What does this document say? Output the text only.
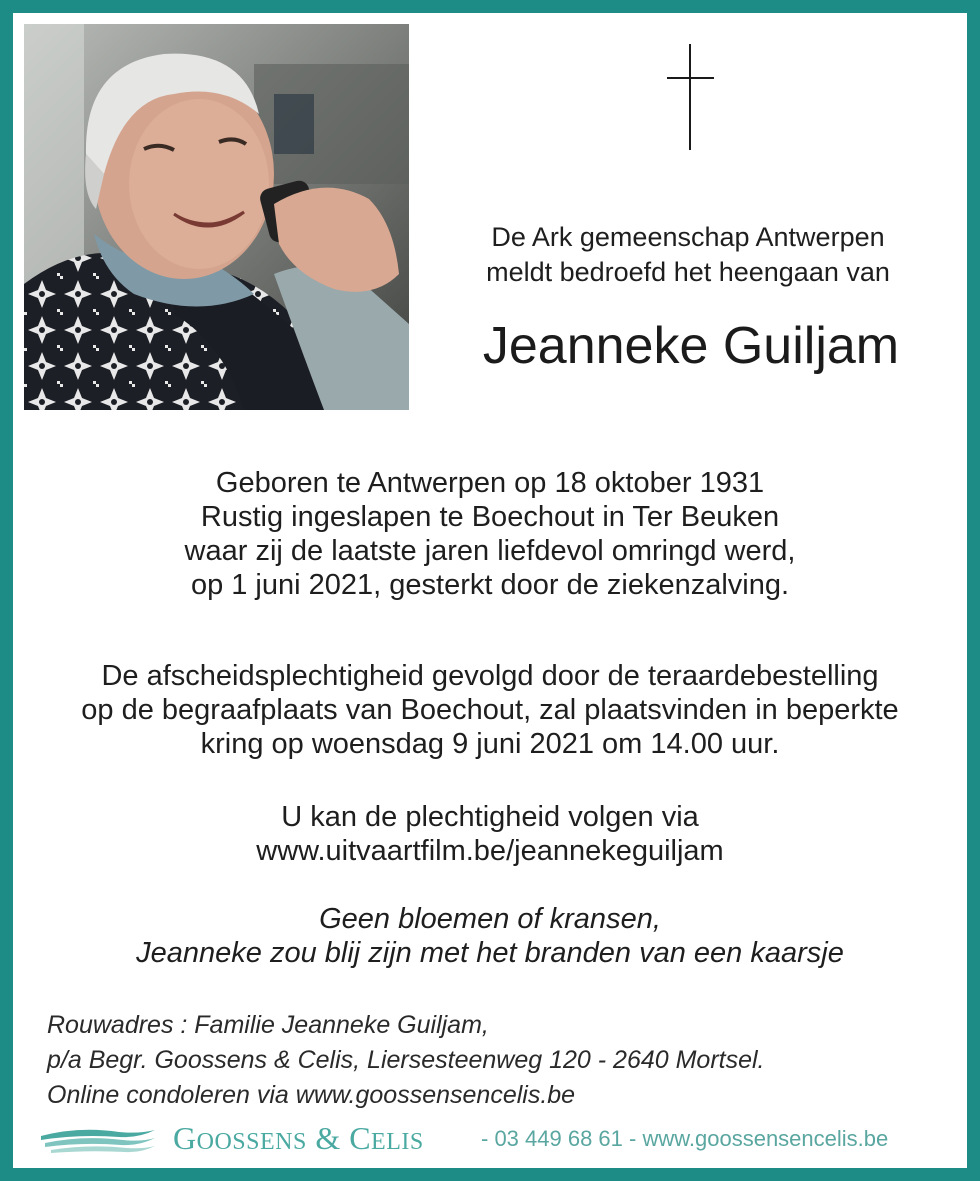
De Ark gemeenschap Antwerpen
meldt bedroefd het heengaan van
Jeanneke Guiljam
Geboren te Antwerpen op 18 oktober 1931
Rustig ingeslapen te Boechout in Ter Beuken
waar zij de laatste jaren liefdevol omringd werd,
op 1 juni 2021, gesterkt door de ziekenzalving.
De afscheidsplechtigheid gevolgd door de teraardebestelling
op de begraafplaats van Boechout, zal plaatsvinden in beperkte
kring op woensdag 9 juni 2021 om 14.00 uur.
U kan de plechtigheid volgen via
www.uitvaartfilm.be/jeannekeguiljam
Geen bloemen of kransen,
Jeanneke zou blij zijn met het branden van een kaarsje
Rouwadres : Familie Jeanneke Guiljam,
p/a Begr. Goossens & Celis, Liersesteenweg 120 - 2640 Mortsel.
Online condoleren via www.goossensencelis.be
GOOSSENS & CELIS	- 03 449 68 61 - www.goossensencelis.be
